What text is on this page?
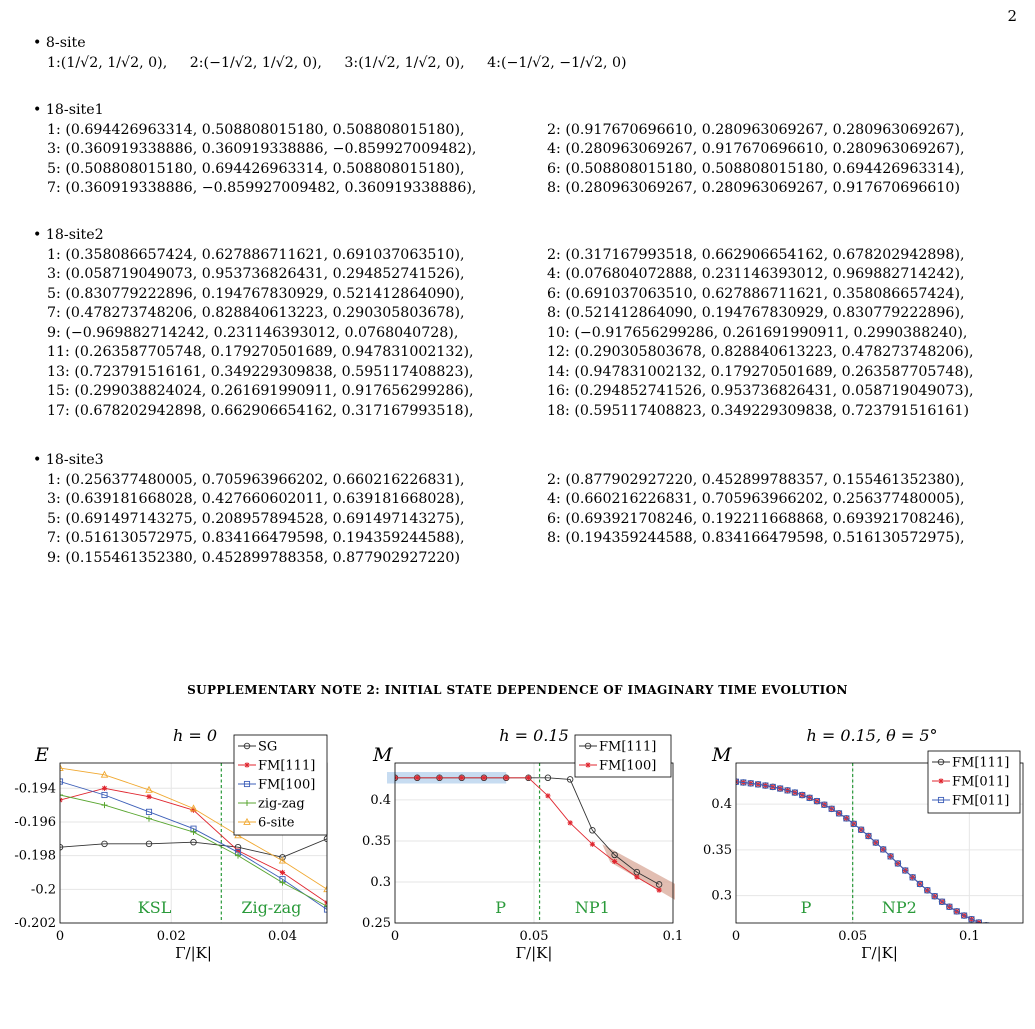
2
• 8-site
1:(1/√2, 1/√2, 0),     2:(−1/√2, 1/√2, 0),     3:(1/√2, 1/√2, 0),     4:(−1/√2, −1/√2, 0)
• 18-site1
1: (0.694426963314, 0.508808015180, 0.508808015180),	2: (0.917670696610, 0.280963069267, 0.280963069267),
3: (0.360919338886, 0.360919338886, −0.859927009482),	4: (0.280963069267, 0.917670696610, 0.280963069267),
5: (0.508808015180, 0.694426963314, 0.508808015180),	6: (0.508808015180, 0.508808015180, 0.694426963314),
7: (0.360919338886, −0.859927009482, 0.360919338886),	8: (0.280963069267, 0.280963069267, 0.917670696610)
• 18-site2
1: (0.358086657424, 0.627886711621, 0.691037063510),	2: (0.317167993518, 0.662906654162, 0.678202942898),
3: (0.058719049073, 0.953736826431, 0.294852741526),	4: (0.076804072888, 0.231146393012, 0.969882714242),
5: (0.830779222896, 0.194767830929, 0.521412864090),	6: (0.691037063510, 0.627886711621, 0.358086657424),
7: (0.478273748206, 0.828840613223, 0.290305803678),	8: (0.521412864090, 0.194767830929, 0.830779222896),
9: (−0.969882714242, 0.231146393012, 0.0768040728),	10: (−0.917656299286, 0.261691990911, 0.2990388240),
11: (0.263587705748, 0.179270501689, 0.947831002132),	12: (0.290305803678, 0.828840613223, 0.478273748206),
13: (0.723791516161, 0.349229309838, 0.595117408823),	14: (0.947831002132, 0.179270501689, 0.263587705748),
15: (0.299038824024, 0.261691990911, 0.917656299286),	16: (0.294852741526, 0.953736826431, 0.058719049073),
17: (0.678202942898, 0.662906654162, 0.317167993518),	18: (0.595117408823, 0.349229309838, 0.723791516161)
• 18-site3
1: (0.256377480005, 0.705963966202, 0.660216226831),	2: (0.877902927220, 0.452899788357, 0.155461352380),
3: (0.639181668028, 0.427660602011, 0.639181668028),	4: (0.660216226831, 0.705963966202, 0.256377480005),
5: (0.691497143275, 0.208957894528, 0.691497143275),	6: (0.693921708246, 0.192211668868, 0.693921708246),
7: (0.516130572975, 0.834166479598, 0.194359244588),	8: (0.194359244588, 0.834166479598, 0.516130572975),
9: (0.155461352380, 0.452899788358, 0.877902927220)
SUPPLEMENTARY NOTE 2: INITIAL STATE DEPENDENCE OF IMAGINARY TIME EVOLUTION
0	0.02	0.04
-0.202
-0.2
-0.198
-0.196
-0.194
KSL	Zig-zag
h = 0
E
Γ/|K|
SG
FM[111]
FM[100]
zig-zag
6-site
0	0.05	0.1
0.25
0.3
0.35
0.4
P	NP1
h = 0.15
M
Γ/|K|
FM[111]
FM[100]
0	0.05	0.1
0.3
0.35
0.4
P	NP2
h = 0.15, θ = 5°
M
Γ/|K|
FM[111]
FM[011]
FM[011]
